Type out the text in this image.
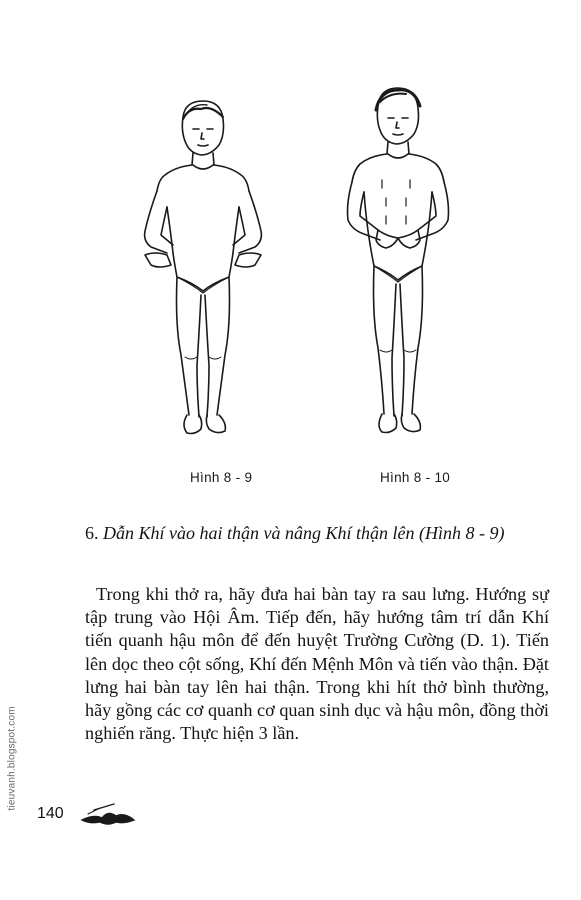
Hình 8 - 9	Hình 8 - 10
6. Dẫn Khí vào hai thận và nâng Khí thận lên (Hình 8 - 9)

Trong khi thở ra, hãy đưa hai bàn tay ra sau lưng. Hướng sự tập trung vào Hội Âm. Tiếp đến, hãy hướng tâm trí dẫn Khí tiến quanh hậu môn để đến huyệt Trường Cường (D. 1). Tiến lên dọc theo cột sống, Khí đến Mệnh Môn và tiến vào thận. Đặt lưng hai bàn tay lên hai thận. Trong khi hít thở bình thường, hãy gồng các cơ quanh cơ quan sinh dục và hậu môn, đồng thời nghiến răng. Thực hiện 3 lần.

140
tieuvanh.blogspot.com
